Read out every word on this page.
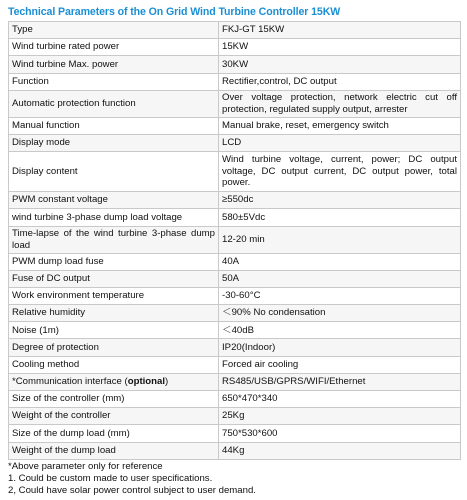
Technical Parameters of the On Grid Wind Turbine Controller 15KW
Type	FKJ-GT 15KW
Wind turbine rated power	15KW
Wind turbine Max. power	30KW
Function	Rectifier,control, DC output
Automatic protection function	Over voltage protection, network electric cut off protection, regulated supply output, arrester
Manual function	Manual brake, reset, emergency switch
Display mode	LCD
Display content	Wind turbine voltage, current, power; DC output voltage, DC output current, DC output power, total power.
PWM constant voltage	≥550dc
wind turbine 3-phase dump load voltage	580±5Vdc
Time-lapse of the wind turbine 3-phase dump load	12-20 min
PWM dump load fuse	40A
Fuse of DC output	50A
Work environment temperature	-30-60°C
Relative humidity	＜90% No condensation
Noise (1m)	＜40dB
Degree of protection	IP20(Indoor)
Cooling method	Forced air cooling
*Communication interface (optional)	RS485/USB/GPRS/WIFI/Ethernet
Size of the controller (mm)	650*470*340
Weight of the controller	25Kg
Size of the dump load (mm)	750*530*600
Weight of the dump load	44Kg
*Above parameter only for reference
1. Could be custom made to user specifications.
2, Could have solar power control subject to user demand.
